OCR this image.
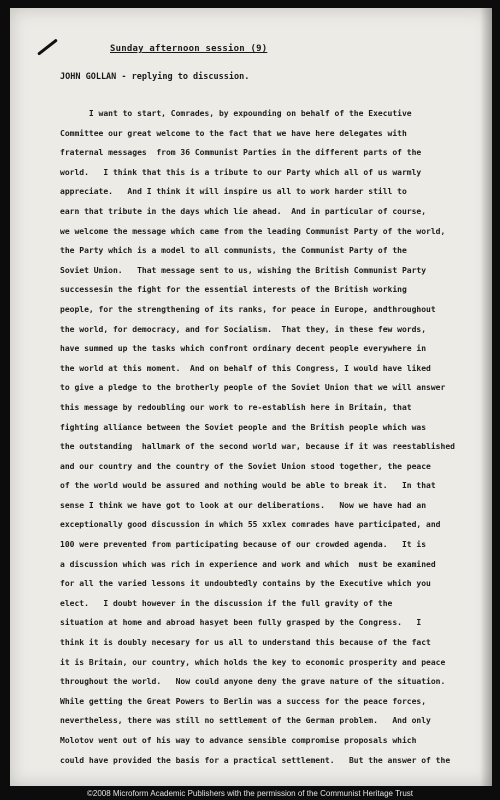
Sunday afternoon session (9)
JOHN GOLLAN - replying to discussion.
I want to start, Comrades, by expounding on behalf of the Executive
Committee our great welcome to the fact that we have here delegates with
fraternal messages  from 36 Communist Parties in the different parts of the
world.   I think that this is a tribute to our Party which all of us warmly
appreciate.   And I think it will inspire us all to work harder still to
earn that tribute in the days which lie ahead.  And in particular of course,
we welcome the message which came from the leading Communist Party of the world,
the Party which is a model to all communists, the Communist Party of the
Soviet Union.   That message sent to us, wishing the British Communist Party
successesin the fight for the essential interests of the British working
people, for the strengthening of its ranks, for peace in Europe, andthroughout
the world, for democracy, and for Socialism.  That they, in these few words,
have summed up the tasks which confront ordinary decent people everywhere in
the world at this moment.  And on behalf of this Congress, I would have liked
to give a pledge to the brotherly people of the Soviet Union that we will answer
this message by redoubling our work to re-establish here in Britain, that
fighting alliance between the Soviet people and the British people which was
the outstanding  hallmark of the second world war, because if it was reestablished
and our country and the country of the Soviet Union stood together, the peace
of the world would be assured and nothing would be able to break it.   In that
sense I think we have got to look at our deliberations.   Now we have had an
exceptionally good discussion in which 55 xxlex comrades have participated, and
100 were prevented from participating because of our crowded agenda.   It is
a discussion which was rich in experience and work and which  must be examined
for all the varied lessons it undoubtedly contains by the Executive which you
elect.   I doubt however in the discussion if the full gravity of the
situation at home and abroad hasyet been fully grasped by the Congress.   I
think it is doubly necesary for us all to understand this because of the fact
it is Britain, our country, which holds the key to economic prosperity and peace
throughout the world.   Now could anyone deny the grave nature of the situation.
While getting the Great Powers to Berlin was a success for the peace forces,
nevertheless, there was still no settlement of the German problem.   And only
Molotov went out of his way to advance sensible compromise proposals which
could have provided the basis for a practical settlement.   But the answer of the
©2008 Microform Academic Publishers with the permission of the Communist Heritage Trust
